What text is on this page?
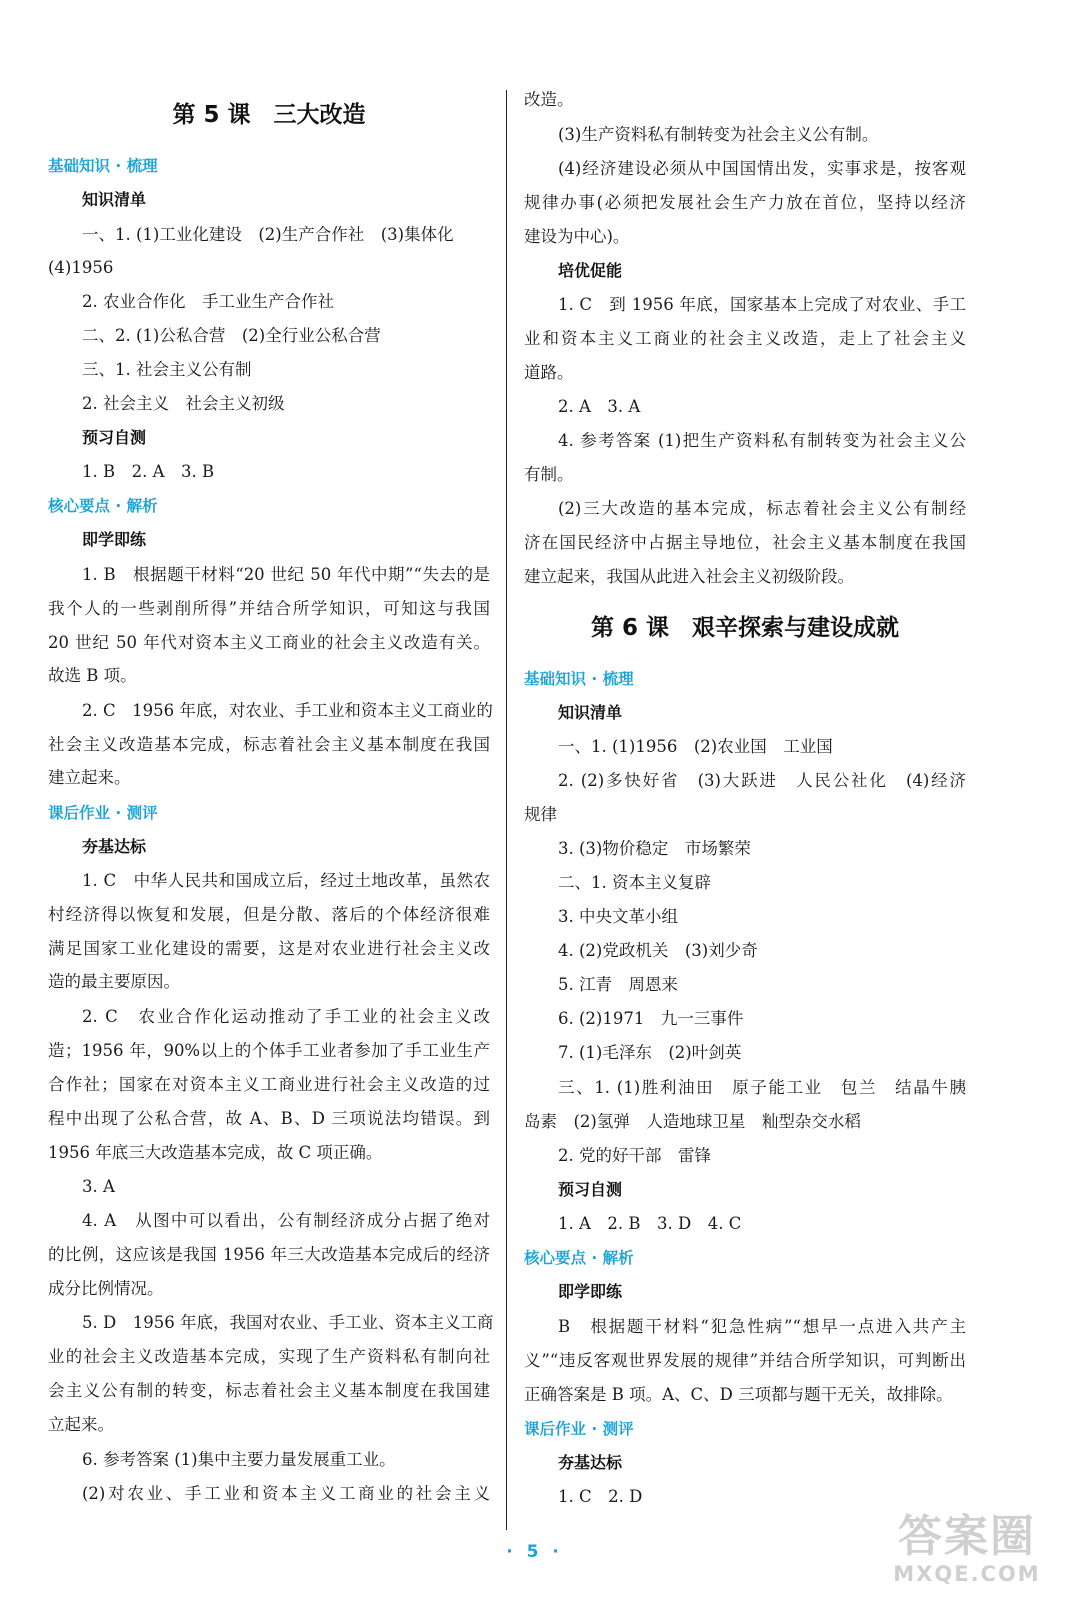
第 5 课　三大改造
基础知识 · 梳理
知识清单
一、1. (1)工业化建设　(2)生产合作社　(3)集体化
(4)1956
2. 农业合作化　手工业生产合作社
二、2. (1)公私合营　(2)全行业公私合营
三、1. 社会主义公有制
2. 社会主义　社会主义初级
预习自测
1. B　2. A　3. B
核心要点 · 解析
即学即练
1. B　根据题干材料“20 世纪 50 年代中期”“失去的是
我个人的一些剥削所得”并结合所学知识，可知这与我国
20 世纪 50 年代对资本主义工商业的社会主义改造有关。
故选 B 项。
2. C　1956 年底，对农业、手工业和资本主义工商业的
社会主义改造基本完成，标志着社会主义基本制度在我国
建立起来。
课后作业 · 测评
夯基达标
1. C　中华人民共和国成立后，经过土地改革，虽然农
村经济得以恢复和发展，但是分散、落后的个体经济很难
满足国家工业化建设的需要，这是对农业进行社会主义改
造的最主要原因。
2. C　农业合作化运动推动了手工业的社会主义改
造；1956 年，90%以上的个体手工业者参加了手工业生产
合作社；国家在对资本主义工商业进行社会主义改造的过
程中出现了公私合营，故 A、B、D 三项说法均错误。到
1956 年底三大改造基本完成，故 C 项正确。
3. A
4. A　从图中可以看出，公有制经济成分占据了绝对
的比例，这应该是我国 1956 年三大改造基本完成后的经济
成分比例情况。
5. D　1956 年底，我国对农业、手工业、资本主义工商
业的社会主义改造基本完成，实现了生产资料私有制向社
会主义公有制的转变，标志着社会主义基本制度在我国建
立起来。
6. 参考答案 (1)集中主要力量发展重工业。
(2)对农业、手工业和资本主义工商业的社会主义
改造。
(3)生产资料私有制转变为社会主义公有制。
(4)经济建设必须从中国国情出发，实事求是，按客观
规律办事(必须把发展社会生产力放在首位，坚持以经济
建设为中心)。
培优促能
1. C　到 1956 年底，国家基本上完成了对农业、手工
业和资本主义工商业的社会主义改造，走上了社会主义
道路。
2. A　3. A
4. 参考答案 (1)把生产资料私有制转变为社会主义公
有制。
(2)三大改造的基本完成，标志着社会主义公有制经
济在国民经济中占据主导地位，社会主义基本制度在我国
建立起来，我国从此进入社会主义初级阶段。
第 6 课　艰辛探索与建设成就
基础知识 · 梳理
知识清单
一、1. (1)1956　(2)农业国　工业国
2. (2)多快好省　(3)大跃进　人民公社化　(4)经济
规律
3. (3)物价稳定　市场繁荣
二、1. 资本主义复辟
3. 中央文革小组
4. (2)党政机关　(3)刘少奇
5. 江青　周恩来
6. (2)1971　九一三事件
7. (1)毛泽东　(2)叶剑英
三、1. (1)胜利油田　原子能工业　包兰　结晶牛胰
岛素　(2)氢弹　人造地球卫星　籼型杂交水稻
2. 党的好干部　雷锋
预习自测
1. A　2. B　3. D　4. C
核心要点 · 解析
即学即练
B　根据题干材料“犯急性病”“想早一点进入共产主
义”“违反客观世界发展的规律”并结合所学知识，可判断出
正确答案是 B 项。A、C、D 三项都与题干无关，故排除。
课后作业 · 测评
夯基达标
1. C　2. D
· 5 ·	答案圈
MXQE.COM
